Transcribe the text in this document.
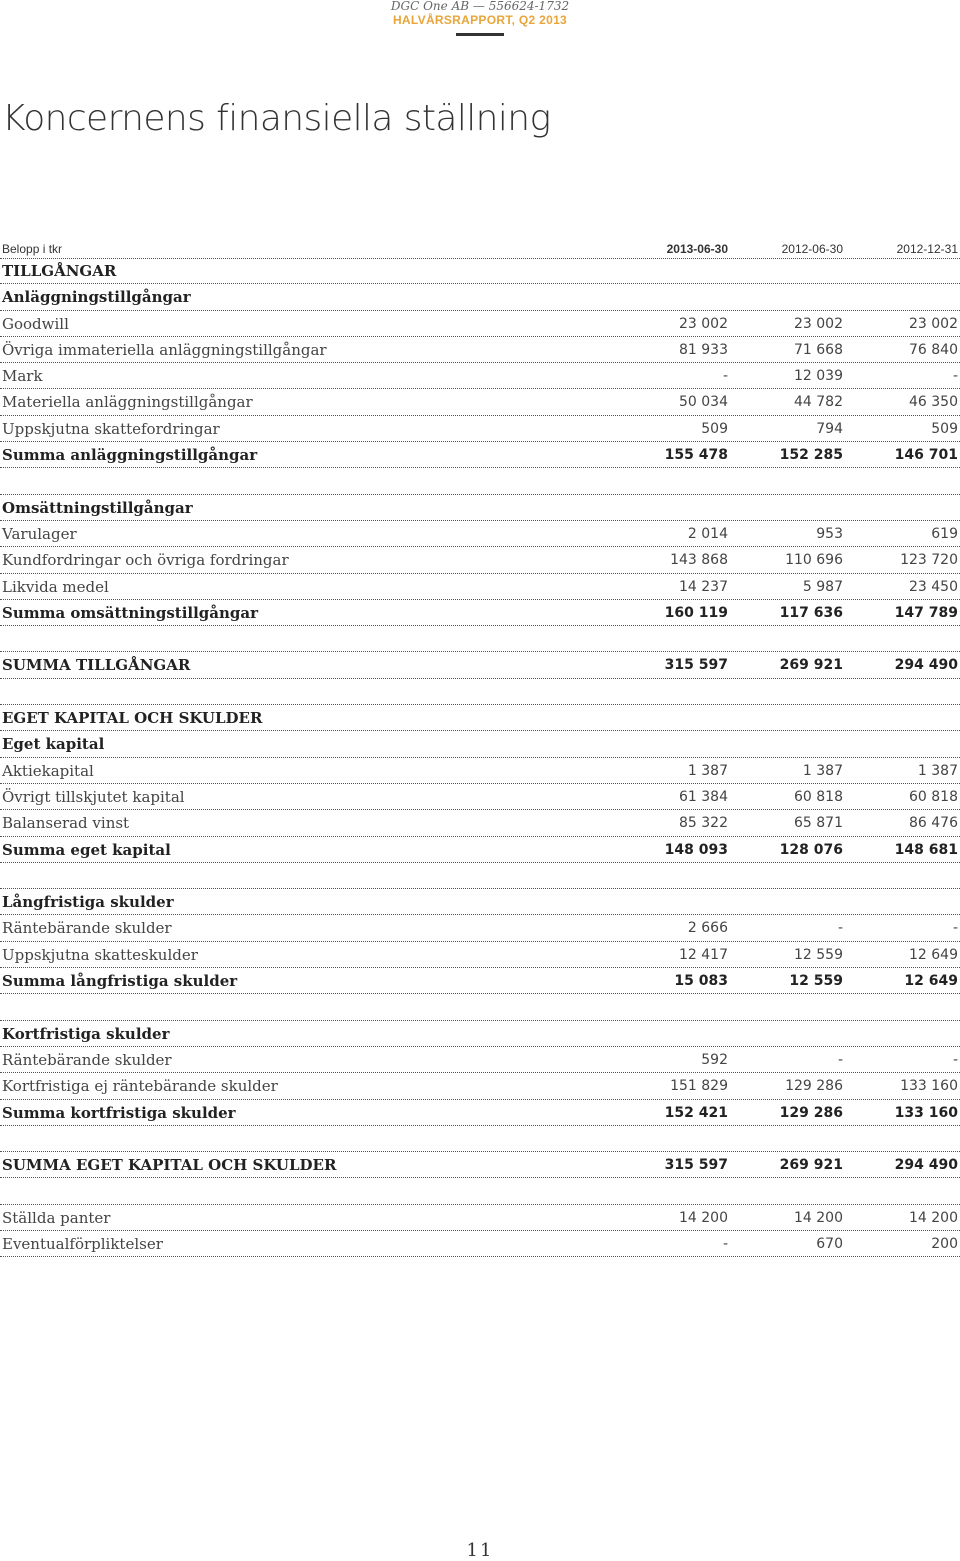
DGC One AB — 556624-1732
HALVÅRSRAPPORT, Q2 2013
Koncernens finansiella ställning
Belopp i tkr	2013-06-30	2012-06-30	2012-12-31
TILLGÅNGAR
Anläggningstillgångar
Goodwill	23 002	23 002	23 002
Övriga immateriella anläggningstillgångar	81 933	71 668	76 840
Mark	-	12 039	-
Materiella anläggningstillgångar	50 034	44 782	46 350
Uppskjutna skattefordringar	509	794	509
Summa anläggningstillgångar	155 478	152 285	146 701
Omsättningstillgångar
Varulager	2 014	953	619
Kundfordringar och övriga fordringar	143 868	110 696	123 720
Likvida medel	14 237	5 987	23 450
Summa omsättningstillgångar	160 119	117 636	147 789
SUMMA TILLGÅNGAR	315 597	269 921	294 490
EGET KAPITAL OCH SKULDER
Eget kapital
Aktiekapital	1 387	1 387	1 387
Övrigt tillskjutet kapital	61 384	60 818	60 818
Balanserad vinst	85 322	65 871	86 476
Summa eget kapital	148 093	128 076	148 681
Långfristiga skulder
Räntebärande skulder	2 666	-	-
Uppskjutna skatteskulder	12 417	12 559	12 649
Summa långfristiga skulder	15 083	12 559	12 649
Kortfristiga skulder
Räntebärande skulder	592	-	-
Kortfristiga ej räntebärande skulder	151 829	129 286	133 160
Summa kortfristiga skulder	152 421	129 286	133 160
SUMMA EGET KAPITAL OCH SKULDER	315 597	269 921	294 490
Ställda panter	14 200	14 200	14 200
Eventualförpliktelser	-	670	200
11
